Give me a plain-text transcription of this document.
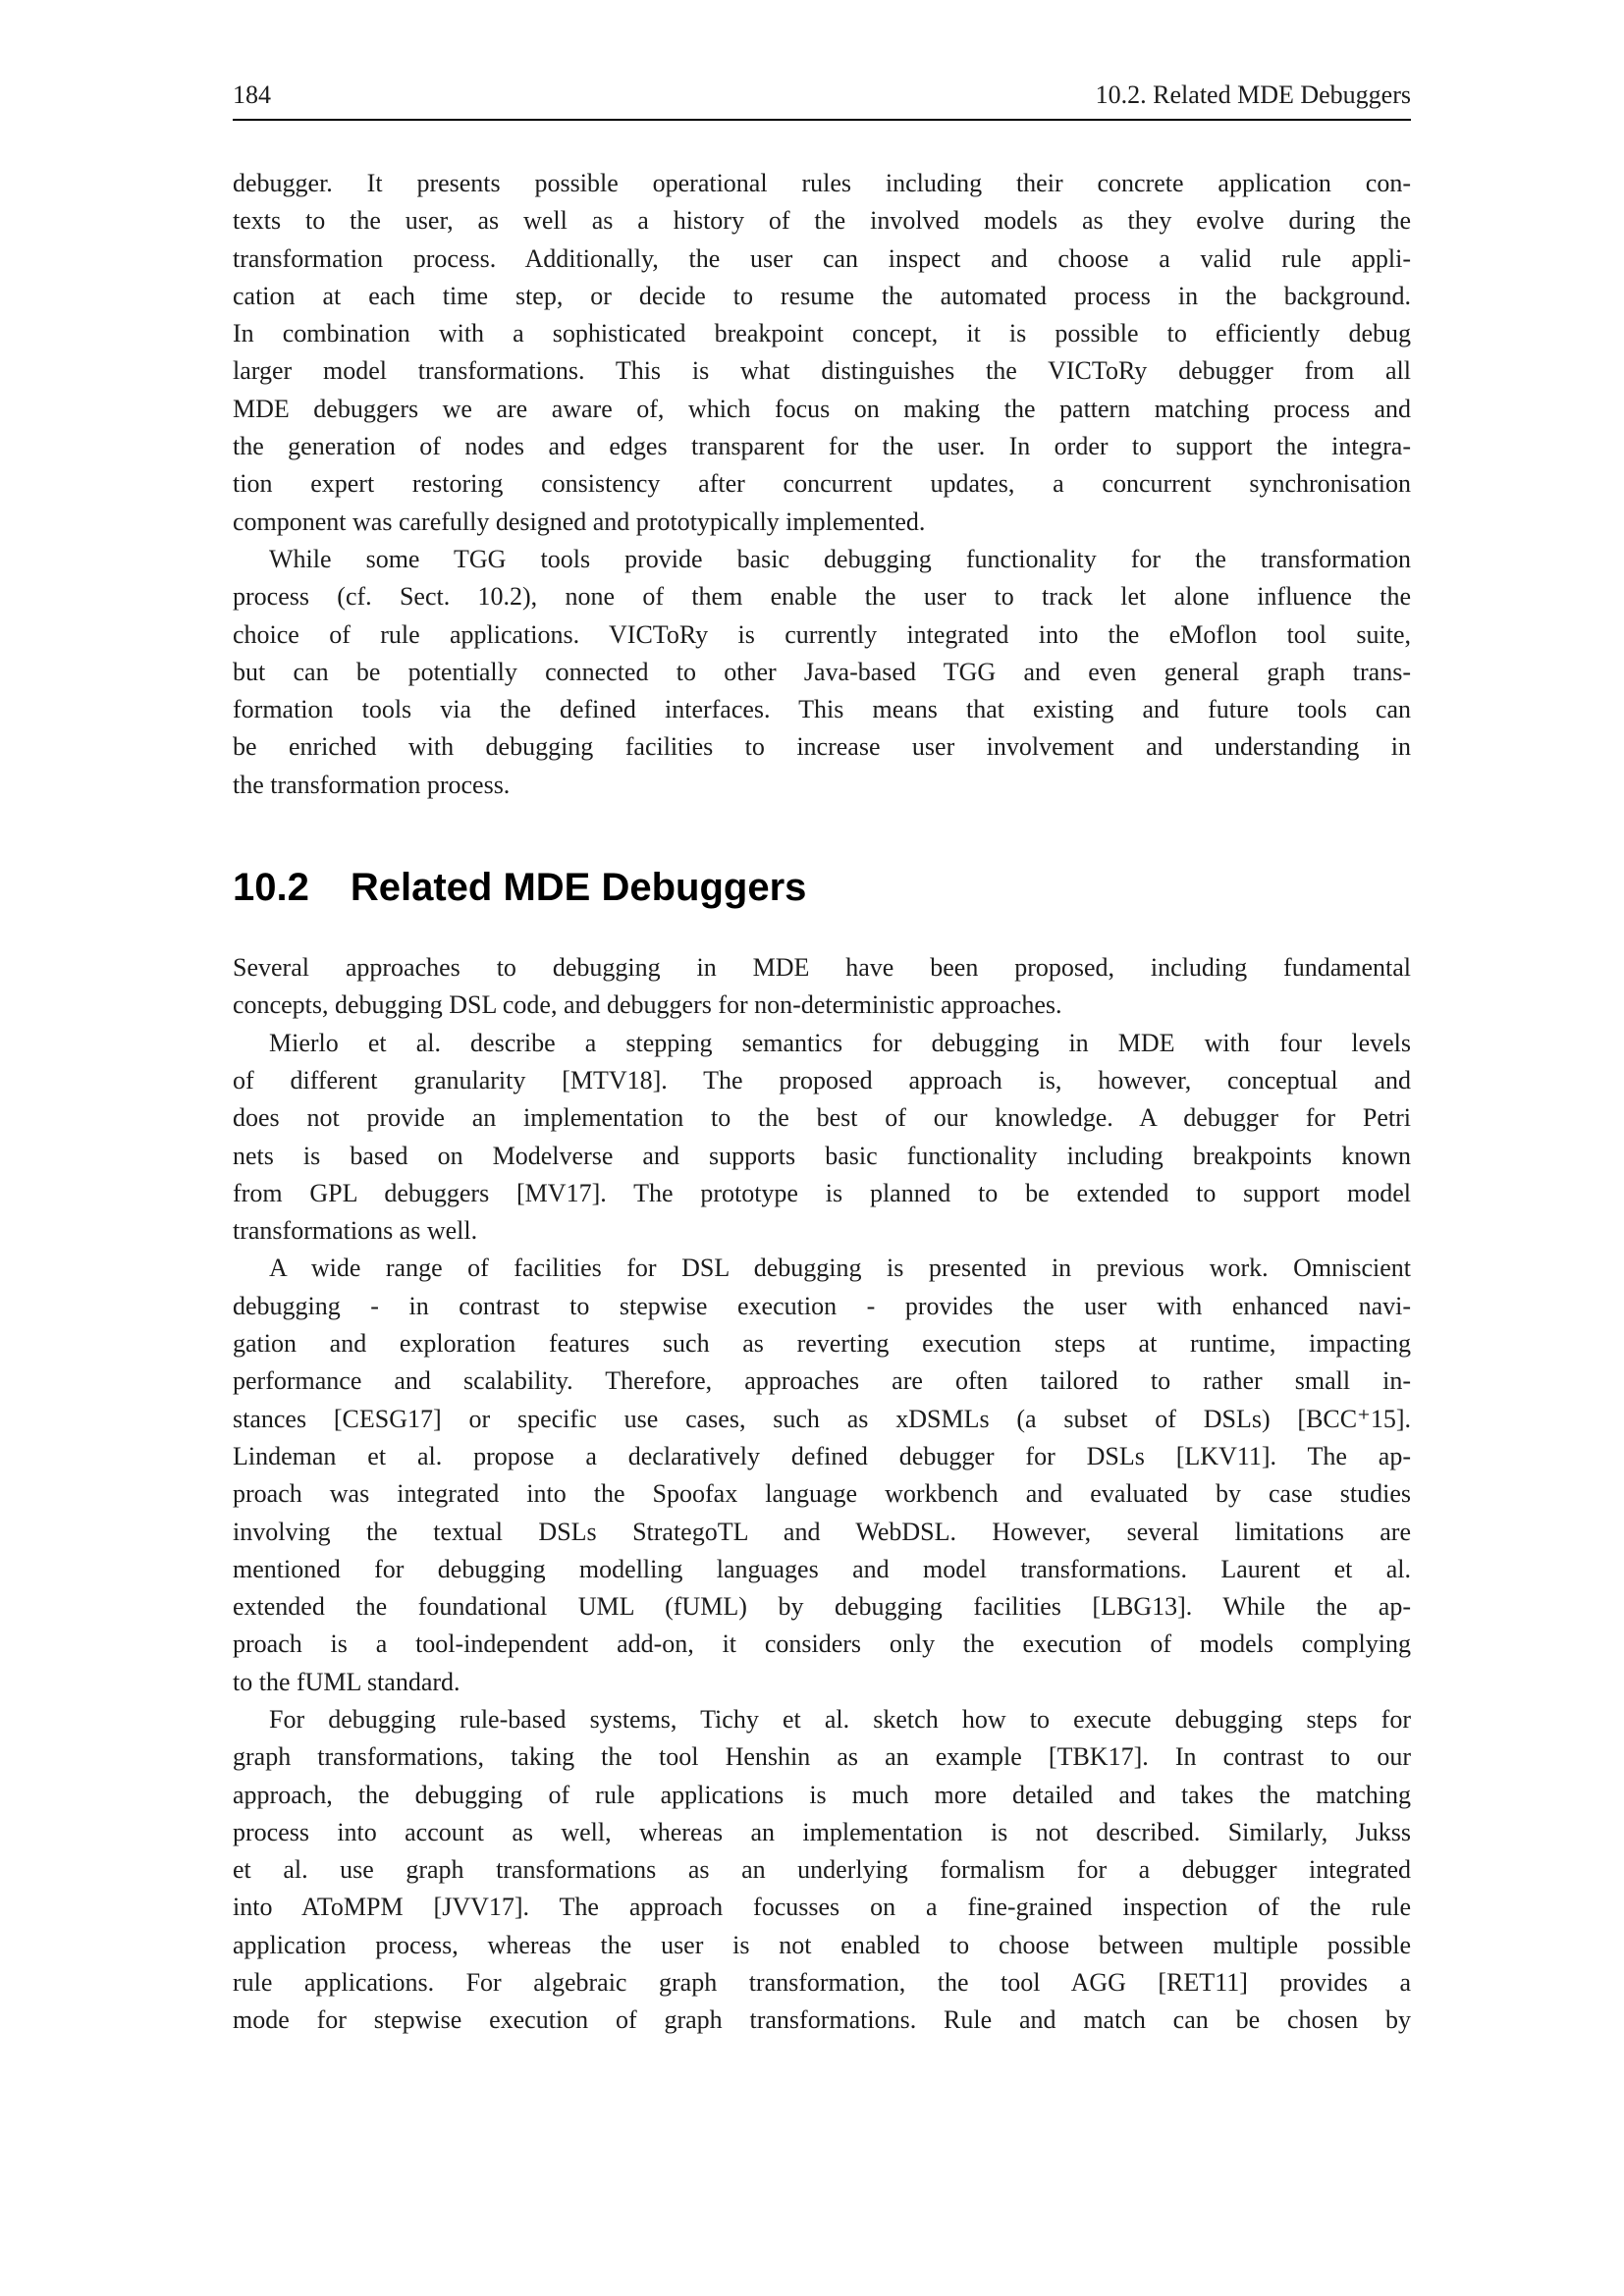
184	10.2. Related MDE Debuggers

debugger. It presents possible operational rules including their concrete application con-
texts to the user, as well as a history of the involved models as they evolve during the
transformation process. Additionally, the user can inspect and choose a valid rule appli-
cation at each time step, or decide to resume the automated process in the background.
In combination with a sophisticated breakpoint concept, it is possible to efficiently debug
larger model transformations. This is what distinguishes the VICToRy debugger from all
MDE debuggers we are aware of, which focus on making the pattern matching process and
the generation of nodes and edges transparent for the user. In order to support the integra-
tion expert restoring consistency after concurrent updates, a concurrent synchronisation
component was carefully designed and prototypically implemented.

While some TGG tools provide basic debugging functionality for the transformation
process (cf. Sect. 10.2), none of them enable the user to track let alone influence the
choice of rule applications. VICToRy is currently integrated into the eMoflon tool suite,
but can be potentially connected to other Java-based TGG and even general graph trans-
formation tools via the defined interfaces. This means that existing and future tools can
be enriched with debugging facilities to increase user involvement and understanding in
the transformation process.

10.2 Related MDE Debuggers

Several approaches to debugging in MDE have been proposed, including fundamental
concepts, debugging DSL code, and debuggers for non-deterministic approaches.

Mierlo et al. describe a stepping semantics for debugging in MDE with four levels
of different granularity [MTV18]. The proposed approach is, however, conceptual and
does not provide an implementation to the best of our knowledge. A debugger for Petri
nets is based on Modelverse and supports basic functionality including breakpoints known
from GPL debuggers [MV17]. The prototype is planned to be extended to support model
transformations as well.

A wide range of facilities for DSL debugging is presented in previous work. Omniscient
debugging - in contrast to stepwise execution - provides the user with enhanced navi-
gation and exploration features such as reverting execution steps at runtime, impacting
performance and scalability. Therefore, approaches are often tailored to rather small in-
stances [CESG17] or specific use cases, such as xDSMLs (a subset of DSLs) [BCC⁺15].
Lindeman et al. propose a declaratively defined debugger for DSLs [LKV11]. The ap-
proach was integrated into the Spoofax language workbench and evaluated by case studies
involving the textual DSLs StrategoTL and WebDSL. However, several limitations are
mentioned for debugging modelling languages and model transformations. Laurent et al.
extended the foundational UML (fUML) by debugging facilities [LBG13]. While the ap-
proach is a tool-independent add-on, it considers only the execution of models complying
to the fUML standard.

For debugging rule-based systems, Tichy et al. sketch how to execute debugging steps for
graph transformations, taking the tool Henshin as an example [TBK17]. In contrast to our
approach, the debugging of rule applications is much more detailed and takes the matching
process into account as well, whereas an implementation is not described. Similarly, Jukss
et al. use graph transformations as an underlying formalism for a debugger integrated
into AToMPM [JVV17]. The approach focusses on a fine-grained inspection of the rule
application process, whereas the user is not enabled to choose between multiple possible
rule applications. For algebraic graph transformation, the tool AGG [RET11] provides a
mode for stepwise execution of graph transformations. Rule and match can be chosen by
